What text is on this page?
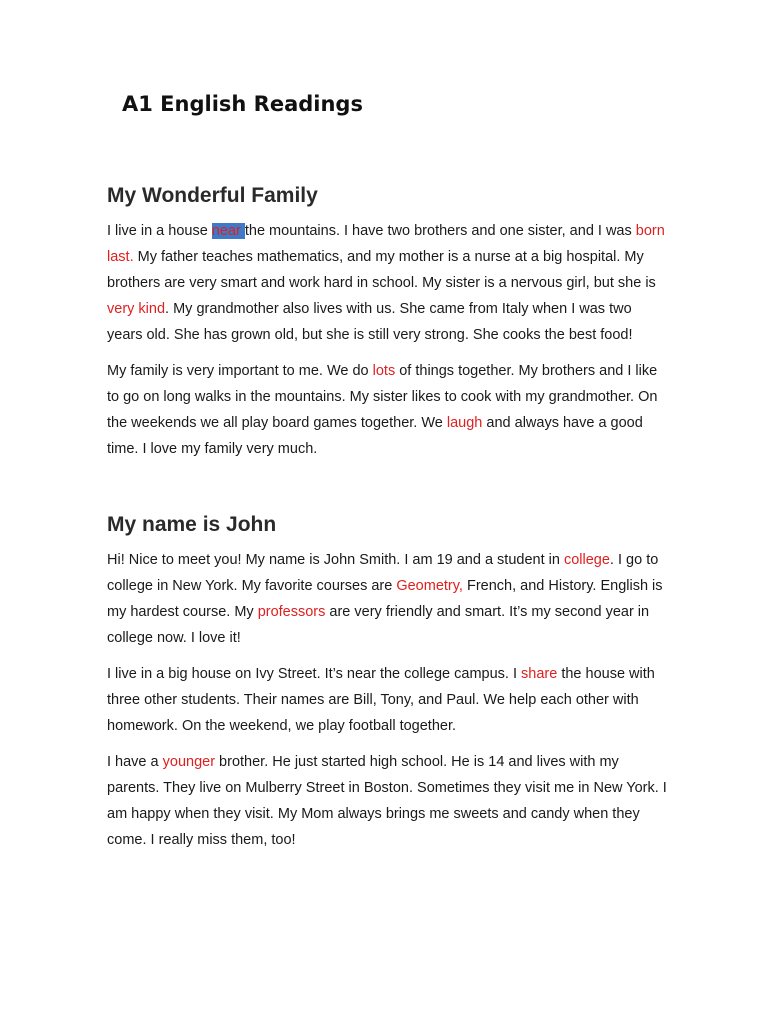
A1 English Readings
My Wonderful Family

I live in a house near the mountains. I have two brothers and one sister, and I was born last. My father teaches mathematics, and my mother is a nurse at a big hospital. My brothers are very smart and work hard in school. My sister is a nervous girl, but she is very kind. My grandmother also lives with us. She came from Italy when I was two years old. She has grown old, but she is still very strong. She cooks the best food!

My family is very important to me. We do lots of things together. My brothers and I like to go on long walks in the mountains. My sister likes to cook with my grandmother. On the weekends we all play board games together. We laugh and always have a good time. I love my family very much.

My name is John

Hi! Nice to meet you! My name is John Smith. I am 19 and a student in college. I go to college in New York. My favorite courses are Geometry, French, and History. English is my hardest course. My professors are very friendly and smart. It’s my second year in college now. I love it!

I live in a big house on Ivy Street. It’s near the college campus. I share the house with three other students. Their names are Bill, Tony, and Paul. We help each other with homework. On the weekend, we play football together.

I have a younger brother. He just started high school. He is 14 and lives with my parents. They live on Mulberry Street in Boston. Sometimes they visit me in New York. I am happy when they visit. My Mom always brings me sweets and candy when they come. I really miss them, too!
